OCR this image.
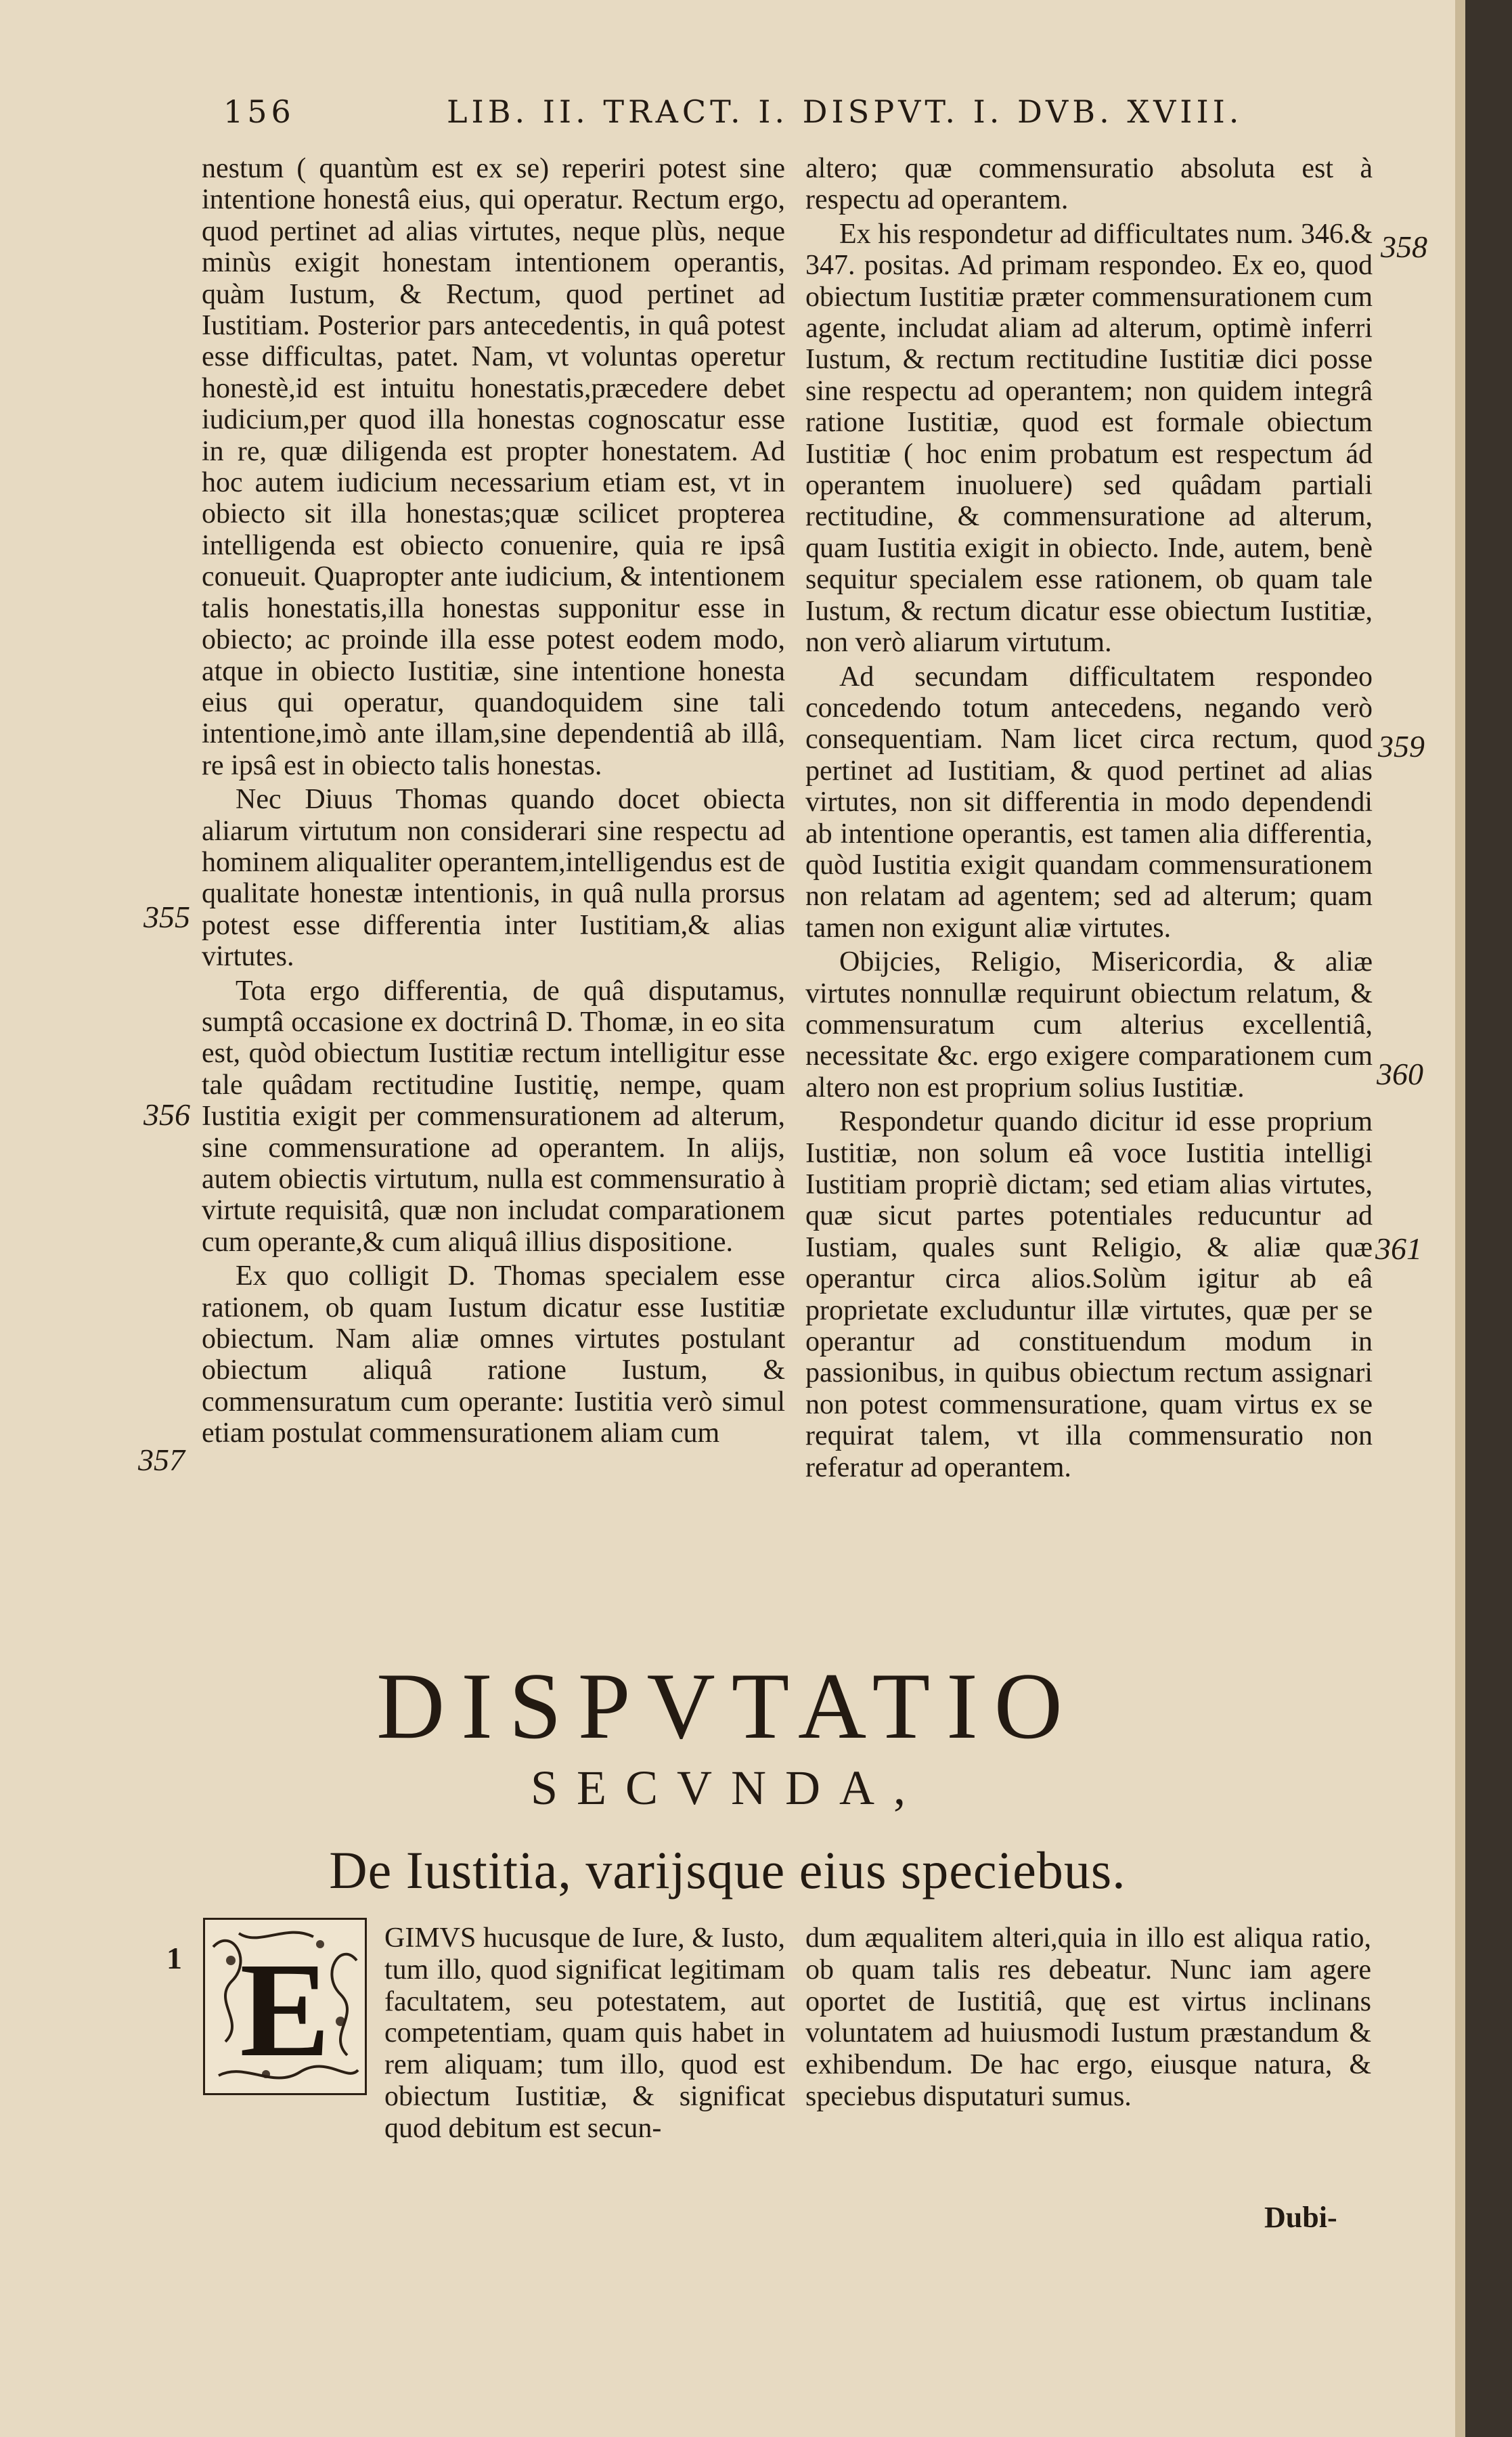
156	LIB. II. TRACT. I. DISPVT. I. DVB. XVIII.

nestum ( quantùm est ex se) reperiri potest sine intentione honestâ eius, qui operatur. Rectum ergo, quod pertinet ad alias virtutes, neque plùs, neque minùs exigit honestam intentionem operantis, quàm Iustum, & Rectum, quod pertinet ad Iustitiam. Posterior pars antecedentis, in quâ potest esse difficultas, patet. Nam, vt voluntas operetur honestè,id est intuitu honestatis,præcedere debet iudicium,per quod illa honestas cognoscatur esse in re, quæ diligenda est propter honestatem. Ad hoc autem iudicium necessarium etiam est, vt in obiecto sit illa honestas;quæ scilicet propterea intelligenda est obiecto conuenire, quia re ipsâ conueuit. Quapropter ante iudicium, & intentionem talis honestatis,illa honestas supponitur esse in obiecto; ac proinde illa esse potest eodem modo, atque in obiecto Iustitiæ, sine intentione honesta eius qui operatur, quandoquidem sine tali intentione,imò ante illam,sine dependentiâ ab illâ, re ipsâ est in obiecto talis honestas.

Nec Diuus Thomas quando docet obiecta aliarum virtutum non considerari sine respectu ad hominem aliqualiter operantem,intelligendus est de qualitate honestæ intentionis, in quâ nulla prorsus potest esse differentia inter Iustitiam,& alias virtutes.

Tota ergo differentia, de quâ disputamus, sumptâ occasione ex doctrinâ D. Thomæ, in eo sita est, quòd obiectum Iustitiæ rectum intelligitur esse tale quâdam rectitudine Iustitię, nempe, quam Iustitia exigit per commensurationem ad alterum, sine commensuratione ad operantem. In alijs, autem obiectis virtutum, nulla est commensuratio à virtute requisitâ, quæ non includat comparationem cum operante,& cum aliquâ illius dispositione.

Ex quo colligit D. Thomas specialem esse rationem, ob quam Iustum dicatur esse Iustitiæ obiectum. Nam aliæ omnes virtutes postulant obiectum aliquâ ratione Iustum, & commensuratum cum operante: Iustitia verò simul etiam postulat commensurationem aliam cum

altero; quæ commensuratio absoluta est à respectu ad operantem.

Ex his respondetur ad difficultates num. 346.& 347. positas. Ad primam respondeo. Ex eo, quod obiectum Iustitiæ præter commensurationem cum agente, includat aliam ad alterum, optimè inferri Iustum, & rectum rectitudine Iustitiæ dici posse sine respectu ad operantem; non quidem integrâ ratione Iustitiæ, quod est formale obiectum Iustitiæ ( hoc enim probatum est respectum ád operantem inuoluere) sed quâdam partiali rectitudine, & commensuratione ad alterum, quam Iustitia exigit in obiecto. Inde, autem, benè sequitur specialem esse rationem, ob quam tale Iustum, & rectum dicatur esse obiectum Iustitiæ, non verò aliarum virtutum.

Ad secundam difficultatem respondeo concedendo totum antecedens, negando verò consequentiam. Nam licet circa rectum, quod pertinet ad Iustitiam, & quod pertinet ad alias virtutes, non sit differentia in modo dependendi ab intentione operantis, est tamen alia differentia, quòd Iustitia exigit quandam commensurationem non relatam ad agentem; sed ad alterum; quam tamen non exigunt aliæ virtutes.

Obijcies, Religio, Misericordia, & aliæ virtutes nonnullæ requirunt obiectum relatum, & commensuratum cum alterius excellentiâ, necessitate &c. ergo exigere comparationem cum altero non est proprium solius Iustitiæ.

Respondetur quando dicitur id esse proprium Iustitiæ, non solum eâ voce Iustitia intelligi Iustitiam propriè dictam; sed etiam alias virtutes, quæ sicut partes potentiales reducuntur ad Iustiam, quales sunt Religio, & aliæ quæ operantur circa alios.Solùm igitur ab eâ proprietate excluduntur illæ virtutes, quæ per se operantur ad constituendum modum in passionibus, in quibus obiectum rectum assignari non potest commensuratione, quam virtus ex se requirat talem, vt illa commensuratio non referatur ad operantem.

355
356
357
358
359
360
361
DISPVTATIO
SECVNDA,
De Iustitia, varijsque eius speciebus.
1 E	GIMVS hucusque de Iure, & Iusto, tum illo, quod significat legitimam facultatem, seu potestatem, aut competentiam, quam quis habet in rem aliquam; tum illo, quod est obiectum Iustitiæ, & significat quod debitum est secun-
dum æqualitem alteri,quia in illo est aliqua ratio, ob quam talis res debeatur. Nunc iam agere oportet de Iustitiâ, quę est virtus inclinans voluntatem ad huiusmodi Iustum præstandum & exhibendum. De hac ergo, eiusque natura, & speciebus disputaturi sumus.
Dubi-
